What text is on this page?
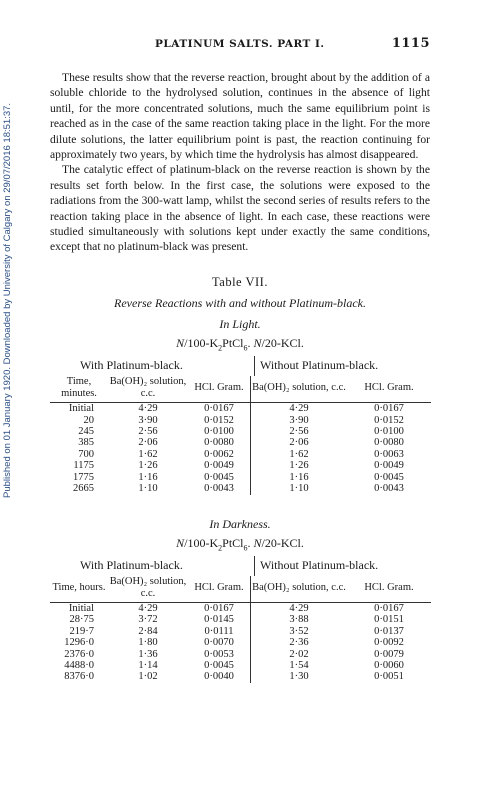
Published on 01 January 1920. Downloaded by University of Calgary on 29/07/2016 18:51:37.
PLATINUM SALTS. PART I.	1115

These results show that the reverse reaction, brought about by the addition of a soluble chloride to the hydrolysed solution, continues in the absence of light until, for the more concentrated solutions, much the same equilibrium point is reached as in the case of the same reaction taking place in the light. For the more dilute solutions, the latter equilibrium point is past, the reaction continuing for approximately two years, by which time the hydrolysis has almost disappeared.

The catalytic effect of platinum-black on the reverse reaction is shown by the results set forth below. In the first case, the solutions were exposed to the radiations from the 300-watt lamp, whilst the second series of results refers to the reaction taking place in the absence of light. In each case, these reactions were studied simultaneously with solutions kept under exactly the same conditions, except that no platinum-black was present.

Table VII.
Reverse Reactions with and without Platinum-black.
In Light.
$N/100-K_2PtCl_6$. N/20-KCl.
With Platinum-black.	Without Platinum-black.
Time, minutes.	Ba(OH)₂ solution, c.c.	HCl. Gram.	Ba(OH)₂ solution, c.c.	HCl. Gram.
Initial	4·29	0·0167	4·29	0·0167
20	3·90	0·0152	3·90	0·0152
245	2·56	0·0100	2·56	0·0100
385	2·06	0·0080	2·06	0·0080
700	1·62	0·0062	1·62	0·0063
1175	1·26	0·0049	1·26	0·0049
1775	1·16	0·0045	1·16	0·0045
2665	1·10	0·0043	1·10	0·0043
In Darkness.
$N/100-K_2PtCl_6$. N/20-KCl.
With Platinum-black.	Without Platinum-black.
Time, hours.	Ba(OH)₂ solution, c.c.	HCl. Gram.	Ba(OH)₂ solution, c.c.	HCl. Gram.
Initial	4·29	0·0167	4·29	0·0167
28·75	3·72	0·0145	3·88	0·0151
219·7	2·84	0·0111	3·52	0·0137
1296·0	1·80	0·0070	2·36	0·0092
2376·0	1·36	0·0053	2·02	0·0079
4488·0	1·14	0·0045	1·54	0·0060
8376·0	1·02	0·0040	1·30	0·0051
